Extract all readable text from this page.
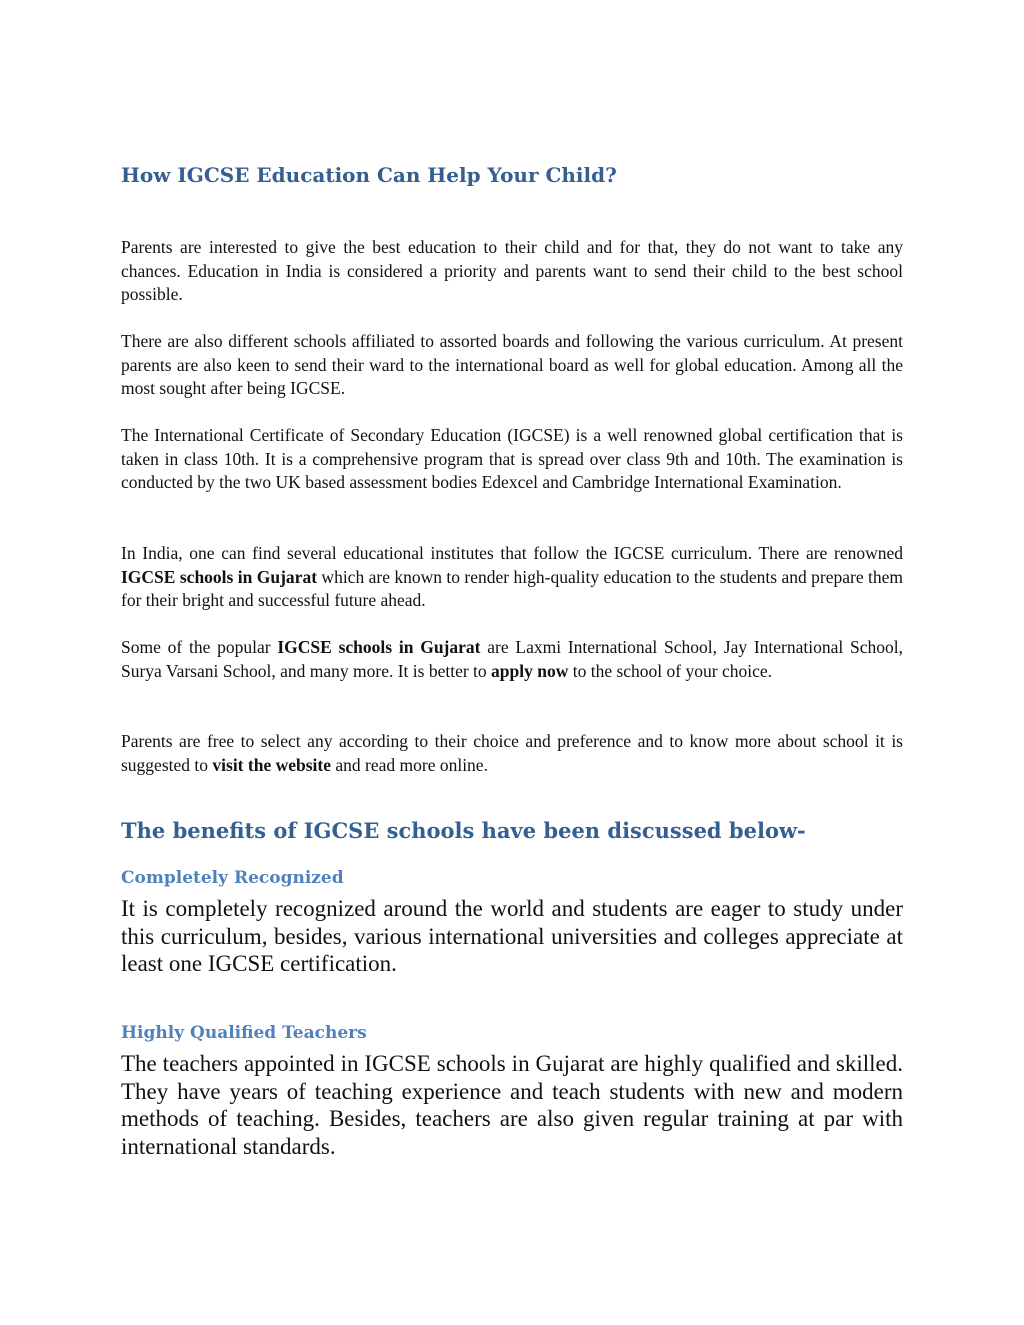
How IGCSE Education Can Help Your Child?

Parents are interested to give the best education to their child and for that, they do not want to take any chances. Education in India is considered a priority and parents want to send their child to the best school possible.

There are also different schools affiliated to assorted boards and following the various curriculum. At present parents are also keen to send their ward to the international board as well for global education. Among all the most sought after being IGCSE.

The International Certificate of Secondary Education (IGCSE) is a well renowned global certification that is taken in class 10th. It is a comprehensive program that is spread over class 9th and 10th. The examination is conducted by the two UK based assessment bodies Edexcel and Cambridge International Examination.

In India, one can find several educational institutes that follow the IGCSE curriculum. There are renowned IGCSE schools in Gujarat which are known to render high-quality education to the students and prepare them for their bright and successful future ahead.

Some of the popular IGCSE schools in Gujarat are Laxmi International School, Jay International School, Surya Varsani School, and many more. It is better to apply now to the school of your choice.

Parents are free to select any according to their choice and preference and to know more about school it is suggested to visit the website and read more online.

The benefits of IGCSE schools have been discussed below-
Completely Recognized

It is completely recognized around the world and students are eager to study under this curriculum, besides, various international universities and colleges appreciate at least one IGCSE certification.

Highly Qualified Teachers

The teachers appointed in IGCSE schools in Gujarat are highly qualified and skilled. They have years of teaching experience and teach students with new and modern methods of teaching. Besides, teachers are also given regular training at par with international standards.
